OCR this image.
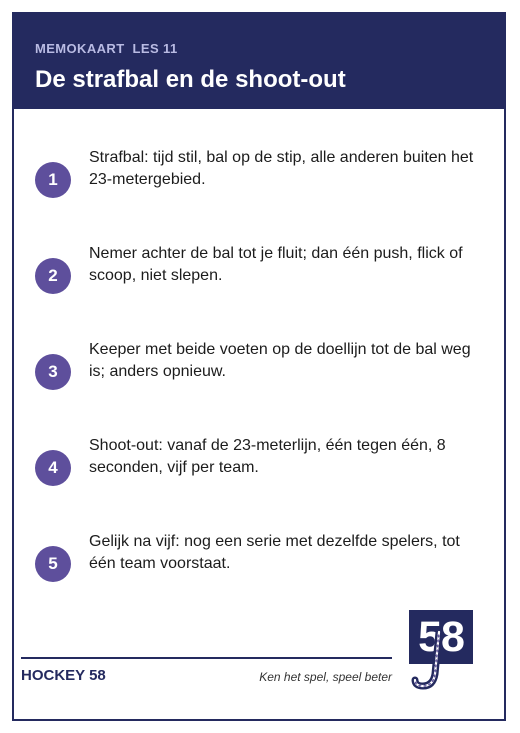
MEMOKAART  LES 11
De strafbal en de shoot-out
1
Strafbal: tijd stil, bal op de stip, alle anderen buiten het 23-metergebied.
2
Nemer achter de bal tot je fluit; dan één push, flick of scoop, niet slepen.
3
Keeper met beide voeten op de doellijn tot de bal weg is; anders opnieuw.
4
Shoot-out: vanaf de 23-meterlijn, één tegen één, 8 seconden, vijf per team.
5
Gelijk na vijf: nog een serie met dezelfde spelers, tot één team voorstaat.
HOCKEY 58	Ken het spel, speel beter
58
